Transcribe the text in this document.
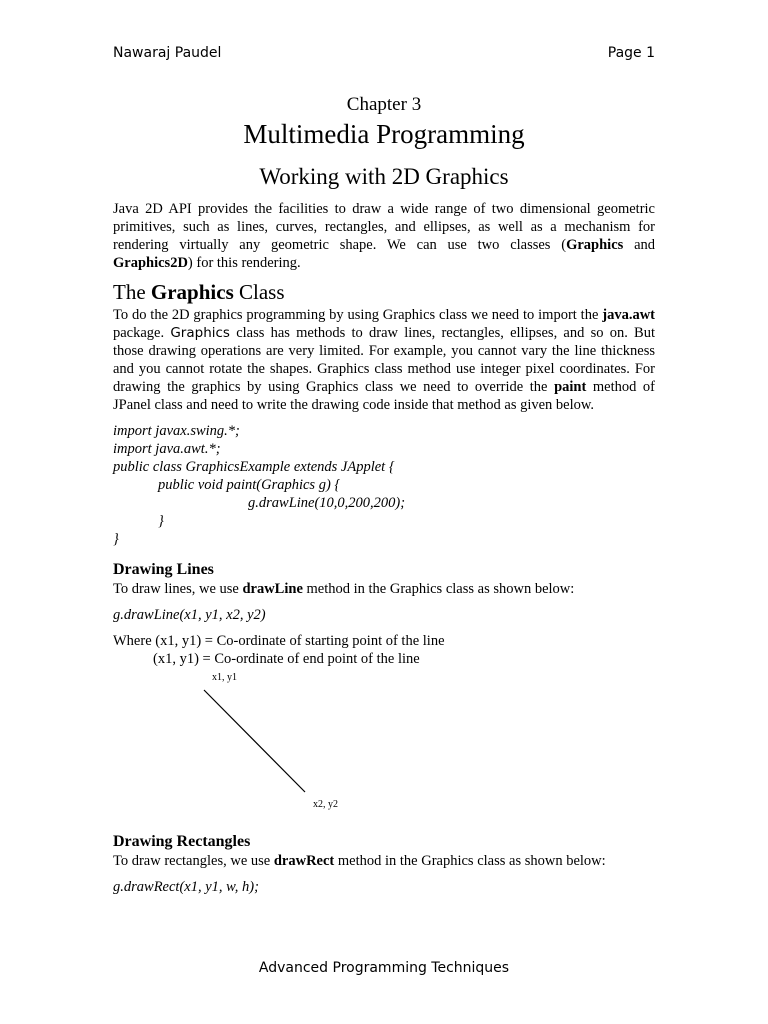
Nawaraj Paudel	Page 1
Chapter 3
Multimedia Programming
Working with 2D Graphics

Java 2D API provides the facilities to draw a wide range of two dimensional geometric primitives, such as lines, curves, rectangles, and ellipses, as well as a mechanism for rendering virtually any geometric shape. We can use two classes (Graphics and Graphics2D) for this rendering.

The Graphics Class

To do the 2D graphics programming by using Graphics class we need to import the java.awt package. Graphics class has methods to draw lines, rectangles, ellipses, and so on. But those drawing operations are very limited. For example, you cannot vary the line thickness and you cannot rotate the shapes. Graphics class method use integer pixel coordinates. For drawing the graphics by using Graphics class we need to override the paint method of JPanel class and need to write the drawing code inside that method as given below.

import javax.swing.*;
import java.awt.*;
public class GraphicsExample extends JApplet {
public void paint(Graphics g) {
g.drawLine(10,0,200,200);
}
}
Drawing Lines

To draw lines, we use drawLine method in the Graphics class as shown below:

g.drawLine(x1, y1, x2, y2)
Where (x1, y1) = Co-ordinate of starting point of the line
(x1, y1) = Co-ordinate of end point of the line
x1, y1
x2, y2
Drawing Rectangles

To draw rectangles, we use drawRect method in the Graphics class as shown below:

g.drawRect(x1, y1, w, h);
Advanced Programming Techniques
